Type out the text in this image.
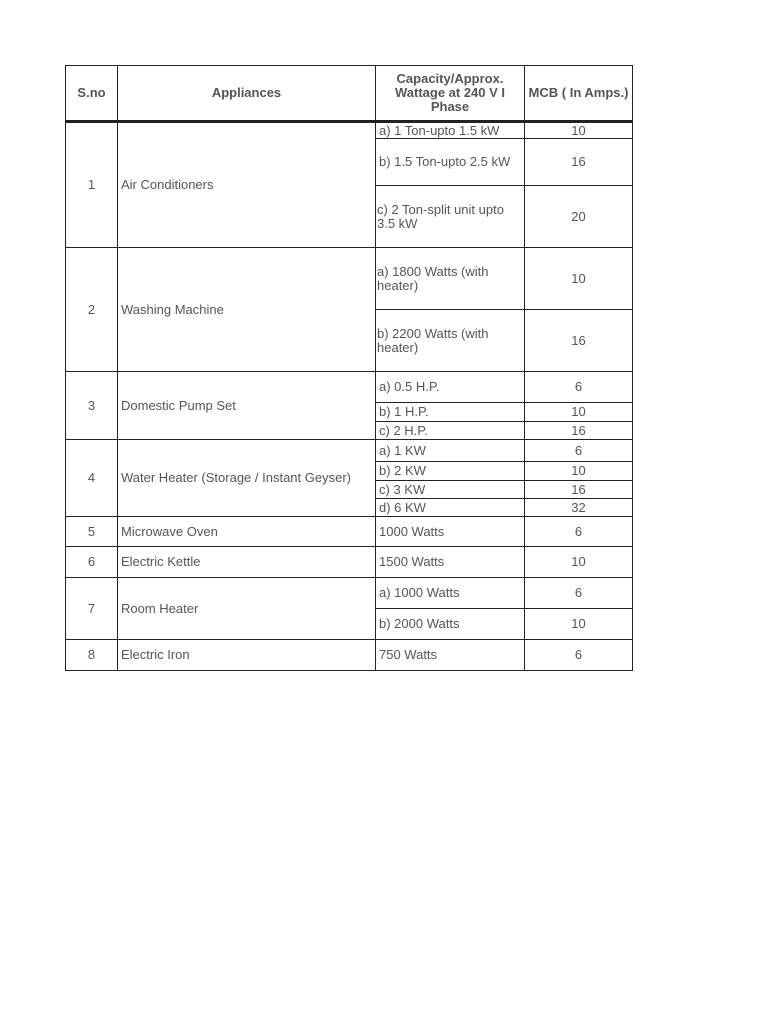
S.no	Appliances	Capacity/Approx. Wattage at 240 V I Phase	MCB ( In Amps.)
1	Air Conditioners	a) 1 Ton-upto 1.5 kW	10
		b) 1.5 Ton-upto 2.5 kW	16
		c) 2 Ton-split unit upto 3.5 kW	20
2	Washing Machine	a) 1800 Watts (with heater)	10
		b) 2200 Watts (with heater)	16
3	Domestic Pump Set	a) 0.5 H.P.	6
		b) 1 H.P.	10
		c) 2 H.P.	16
4	Water Heater (Storage / Instant Geyser)	a) 1 KW	6
		b) 2 KW	10
		c) 3 KW	16
		d) 6 KW	32
5	Microwave Oven	1000 Watts	6
6	Electric Kettle	1500 Watts	10
7	Room Heater	a) 1000 Watts	6
		b) 2000 Watts	10
8	Electric Iron	750 Watts	6
